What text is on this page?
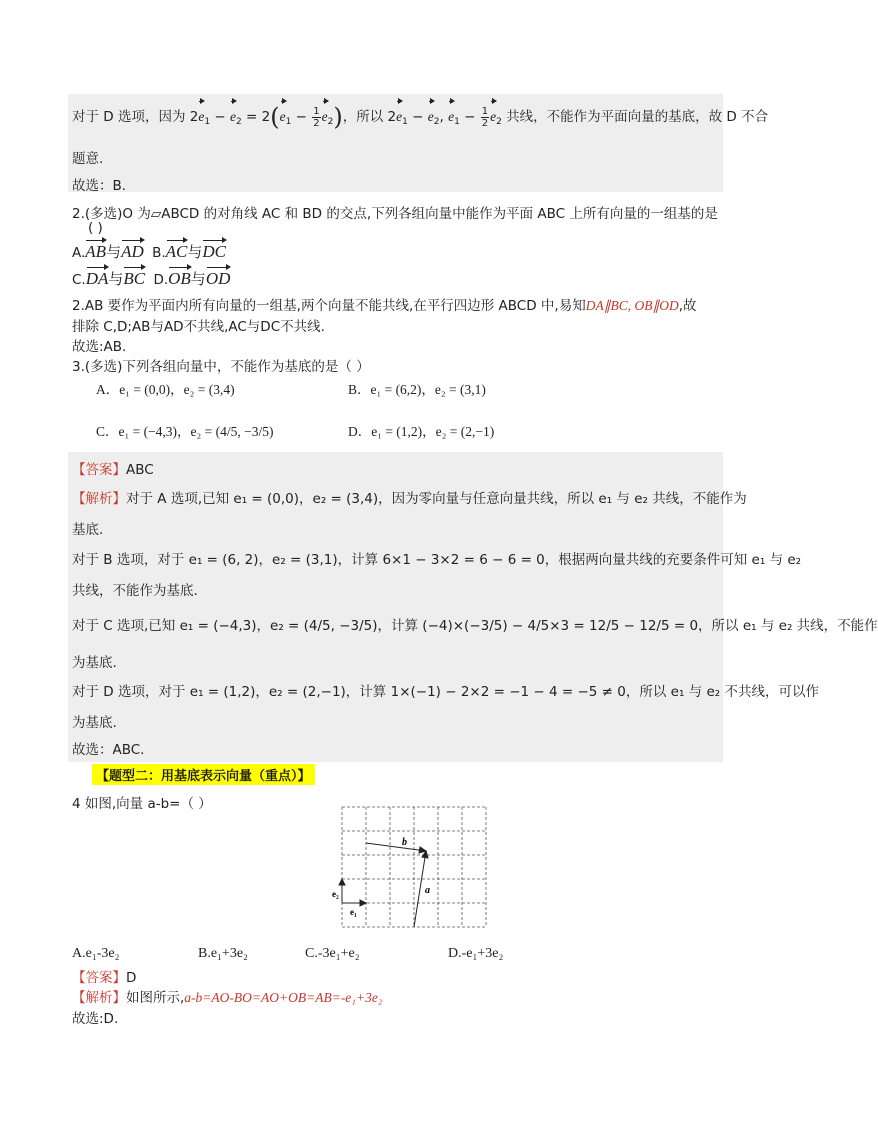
对于 D 选项，因为 $2e_1 - e_2 = 2(e_1 - \frac{1}{2} e_2)$，所以 $2e_1 - e_2$, $e_1 - \frac{1}{2} e_2$ 共线，不能作为平面向量的基底，故 D 不合
题意.
故选：B.
2.(多选)O 为▱ABCD 的对角线 AC 和 BD 的交点,下列各组向量中能作为平面 ABC 上所有向量的一组基的是
( )
A.AB与AD B.AC与DC
C.DA与BC D.OB与OD
2.AB 要作为平面内所有向量的一组基,两个向量不能共线,在平行四边形 ABCD 中,易知DA∥BC, OB∥OD,故
排除 C,D;AB与AD不共线,AC与DC不共线.
故选:AB.
3.(多选)下列各组向量中，不能作为基底的是（ ）
A．e₁ = (0,0)，e₂ = (3,4)	B．e₁ = (6,2)，e₂ = (3,1)
C．e₁ = (−4,3)，e₂ = (4/5, −3/5)	D．e₁ = (1,2)，e₂ = (2,−1)
【答案】ABC
【解析】对于 A 选项,已知 e₁ = (0,0)，e₂ = (3,4)，因为零向量与任意向量共线，所以 e₁ 与 e₂ 共线，不能作为
基底.
对于 B 选项，对于 e₁ = (6, 2)，e₂ = (3,1)，计算 6×1 − 3×2 = 6 − 6 = 0，根据两向量共线的充要条件可知 e₁ 与 e₂
共线，不能作为基底.
对于 C 选项,已知 e₁ = (−4,3)，e₂ = (4/5, −3/5)，计算 (−4)×(−3/5) − 4/5×3 = 12/5 − 12/5 = 0，所以 e₁ 与 e₂ 共线，不能作
为基底.
对于 D 选项，对于 e₁ = (1,2)，e₂ = (2,−1)，计算 1×(−1) − 2×2 = −1 − 4 = −5 ≠ 0，所以 e₁ 与 e₂ 不共线，可以作
为基底.
故选：ABC.
【题型二：用基底表示向量（重点）】
4 如图,向量 a-b=（ ）
b
a
e₁
e₂
A.e₁-3e₂	B.e₁+3e₂	C.-3e₁+e₂	D.-e₁+3e₂
【答案】D
【解析】如图所示,a-b=AO-BO=AO+OB=AB=-e₁+3e₂
故选:D.
